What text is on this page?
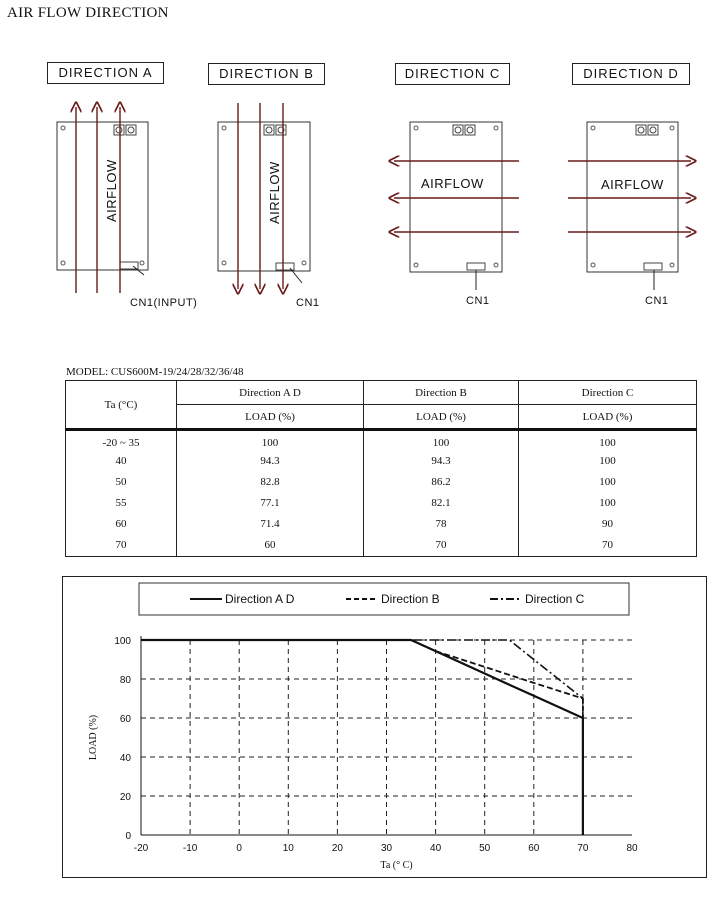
AIR FLOW DIRECTION
DIRECTION A	DIRECTION B	DIRECTION C	DIRECTION D
AIRFLOW
CN1(INPUT)
AIRFLOW
CN1
AIRFLOW
CN1
AIRFLOW
CN1
MODEL: CUS600M-19/24/28/32/36/48
Ta (°C)	Direction A D	Direction B	Direction C
	LOAD (%)	LOAD (%)	LOAD (%)
-20 ~ 35	100	100	100
40	94.3	94.3	100
50	82.8	86.2	100
55	77.1	82.1	100
60	71.4	78	90
70	60	70	70
Direction A D	Direction B	Direction C
-20	-10	0	10	20	30	40	50	60	70	80
0
20
40
60
80
100
Ta (° C)
LOAD (%)
